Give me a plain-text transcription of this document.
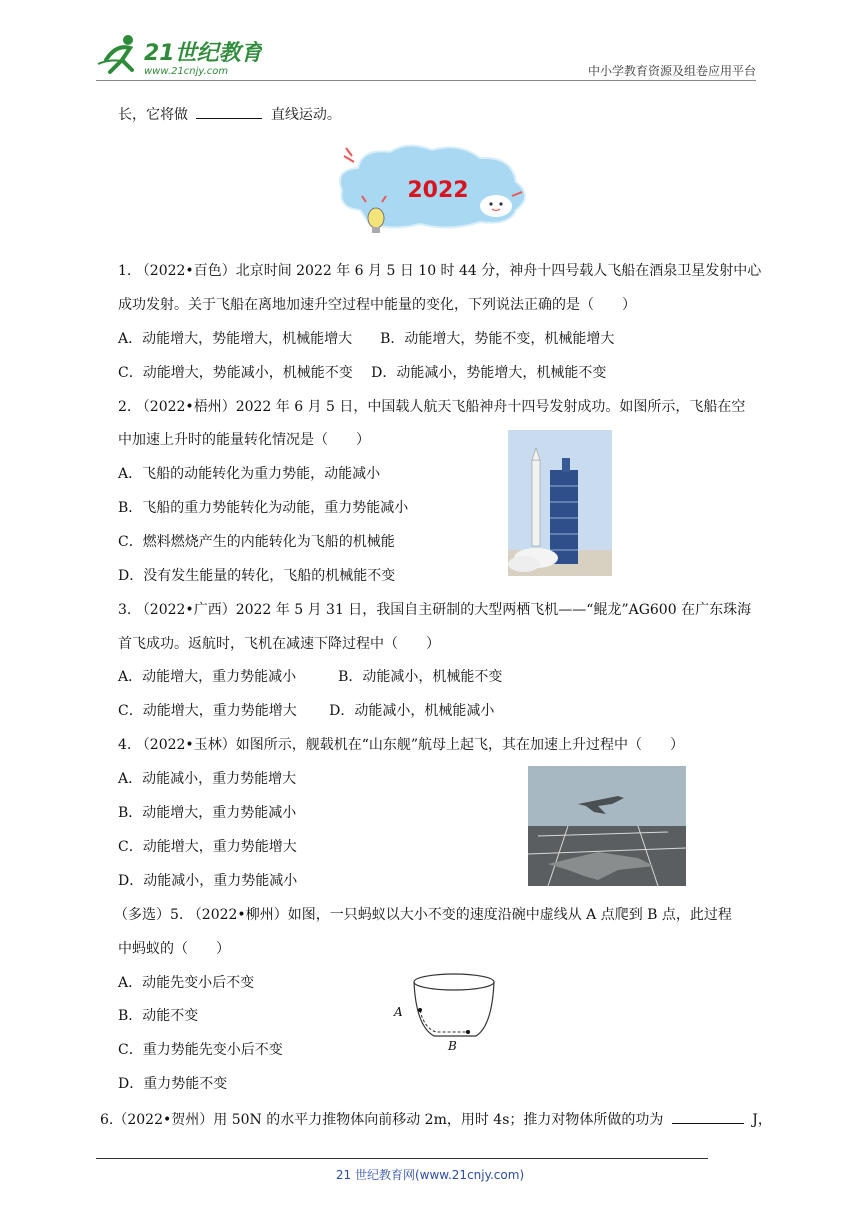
21世纪教育
www.21cnjy.com	中小学教育资源及组卷应用平台
长，它将做	直线运动。
2022
1. （2022•百色）北京时间 2022 年 6 月 5 日 10 时 44 分，神舟十四号载人飞船在酒泉卫星发射中心
成功发射。关于飞船在离地加速升空过程中能量的变化，下列说法正确的是（　　）
A．动能增大，势能增大，机械能增大　　B．动能增大，势能不变，机械能增大
C．动能增大，势能减小，机械能不变　 D．动能减小，势能增大，机械能不变
2. （2022•梧州）2022 年 6 月 5 日，中国载人航天飞船神舟十四号发射成功。如图所示，飞船在空
中加速上升时的能量转化情况是（　　）
A．飞船的动能转化为重力势能，动能减小
B．飞船的重力势能转化为动能，重力势能减小
C．燃料燃烧产生的内能转化为飞船的机械能
D．没有发生能量的转化，飞船的机械能不变
3. （2022•广西）2022 年 5 月 31 日，我国自主研制的大型两栖飞机——“鲲龙”AG600 在广东珠海
首飞成功。返航时，飞机在减速下降过程中（　　）
A．动能增大，重力势能减小　　　B．动能减小，机械能不变
C．动能增大，重力势能增大　　 D．动能减小，机械能减小
4. （2022•玉林）如图所示，舰载机在“山东舰”航母上起飞，其在加速上升过程中（　　）
A．动能减小，重力势能增大
B．动能增大，重力势能减小
C．动能增大，重力势能增大
D．动能减小，重力势能减小
（多选）5. （2022•柳州）如图，一只蚂蚁以大小不变的速度沿碗中虚线从 A 点爬到 B 点，此过程
中蚂蚁的（　　）
A．动能先变小后不变
B．动能不变
C．重力势能先变小后不变
D．重力势能不变
A
B
6.（2022•贺州）用 50N 的水平力推物体向前移动 2m，用时 4s；推力对物体所做的功为	J，
21 世纪教育网(www.21cnjy.com)
